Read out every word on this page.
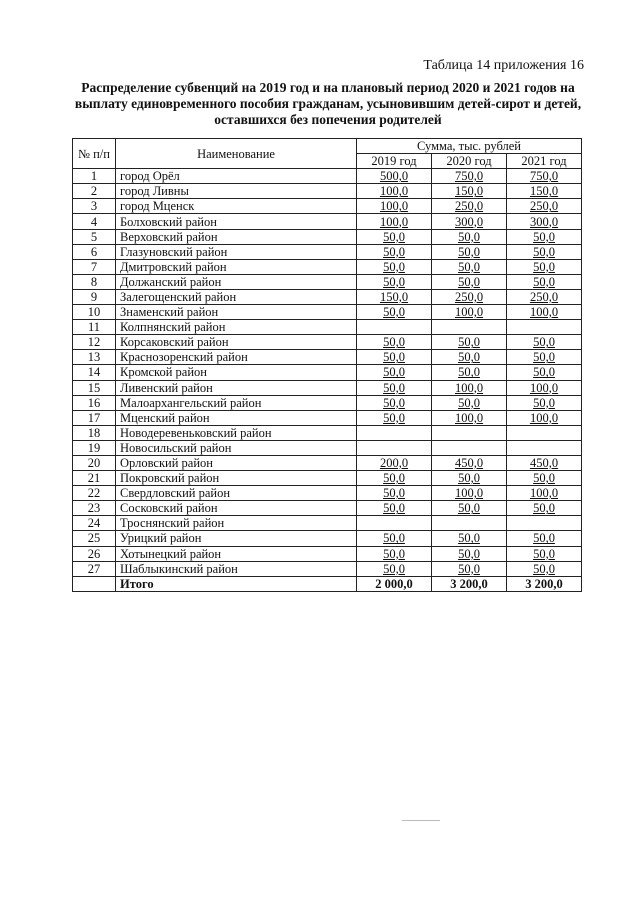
Таблица 14 приложения 16
Распределение субвенций на 2019 год и на плановый период 2020 и 2021 годов на выплату единовременного пособия гражданам, усыновившим детей-сирот и детей, оставшихся без попечения родителей
№ п/п	Наименование	Сумма, тыс. рублей		
		2019 год	2020 год	2021 год
1	город Орёл	500,0	750,0	750,0
2	город Ливны	100,0	150,0	150,0
3	город Мценск	100,0	250,0	250,0
4	Болховский район	100,0	300,0	300,0
5	Верховский район	50,0	50,0	50,0
6	Глазуновский район	50,0	50,0	50,0
7	Дмитровский район	50,0	50,0	50,0
8	Должанский район	50,0	50,0	50,0
9	Залегощенский район	150,0	250,0	250,0
10	Знаменский район	50,0	100,0	100,0
11	Колпнянский район			
12	Корсаковский район	50,0	50,0	50,0
13	Краснозоренский район	50,0	50,0	50,0
14	Кромской район	50,0	50,0	50,0
15	Ливенский район	50,0	100,0	100,0
16	Малоархангельский район	50,0	50,0	50,0
17	Мценский район	50,0	100,0	100,0
18	Новодеревеньковский район			
19	Новосильский район			
20	Орловский район	200,0	450,0	450,0
21	Покровский район	50,0	50,0	50,0
22	Свердловский район	50,0	100,0	100,0
23	Сосковский район	50,0	50,0	50,0
24	Троснянский район			
25	Урицкий район	50,0	50,0	50,0
26	Хотынецкий район	50,0	50,0	50,0
27	Шаблыкинский район	50,0	50,0	50,0
	Итого	2 000,0	3 200,0	3 200,0
